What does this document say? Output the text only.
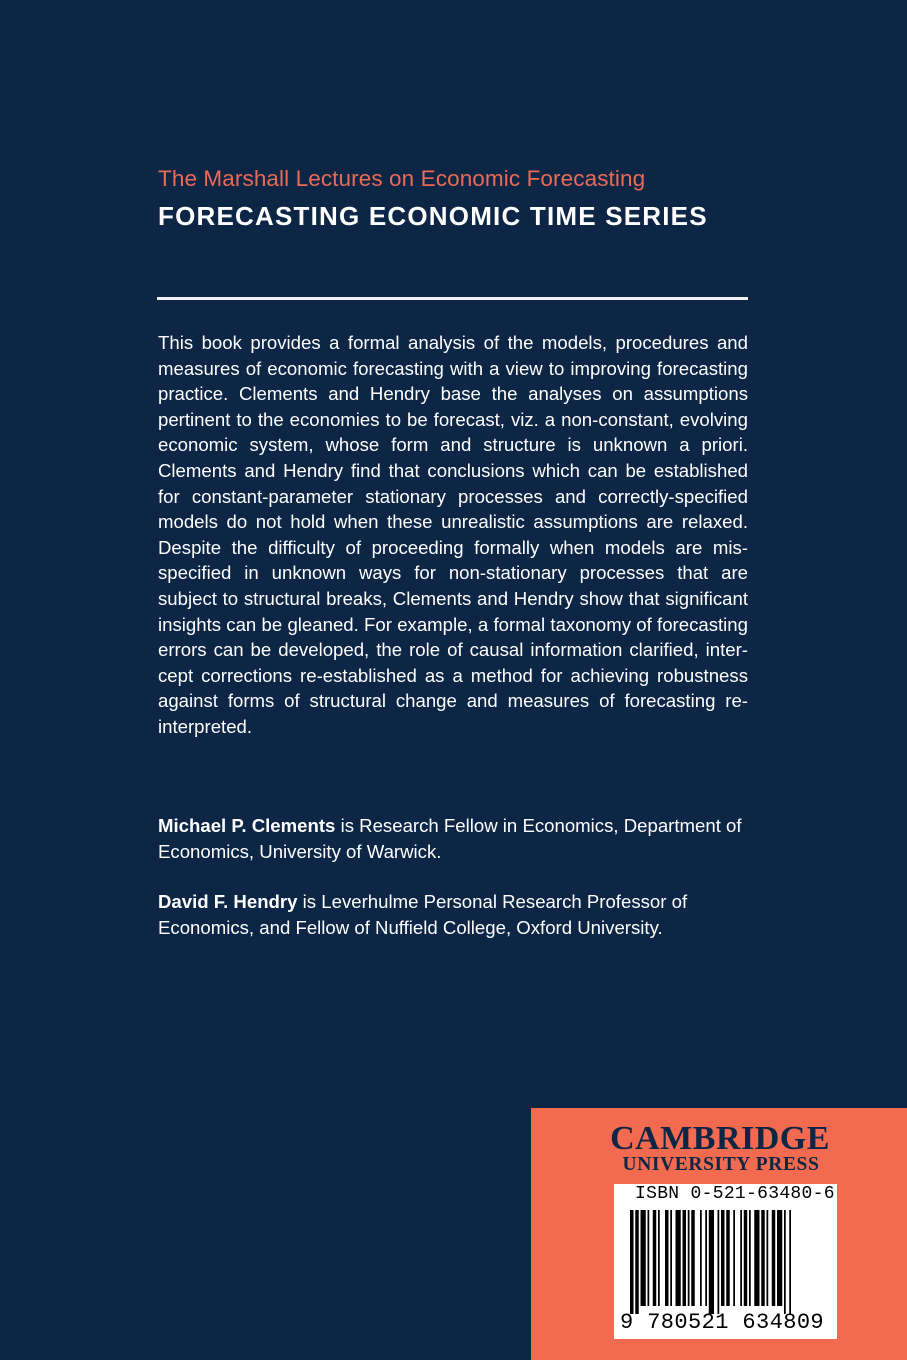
The Marshall Lectures on Economic Forecasting
FORECASTING ECONOMIC TIME SERIES

This book provides a formal analysis of the models, procedures and measures of economic forecasting with a view to improving forecasting practice. Clements and Hendry base the analyses on assumptions pertinent to the economies to be forecast, viz. a non-constant, evolving economic system, whose form and structure is unknown a priori. Clements and Hendry find that conclusions which can be established for constant-parameter stationary processes and correctly-specified models do not hold when these unrealistic assumptions are relaxed. Despite the difficulty of proceeding formally when models are mis-specified in unknown ways for non-stationary processes that are subject to structural breaks, Clements and Hendry show that significant insights can be gleaned. For example, a formal taxonomy of forecasting errors can be developed, the role of causal information clarified, intercept corrections re-established as a method for achieving robustness against forms of structural change and measures of forecasting re-interpreted.

Michael P. Clements is Research Fellow in Economics, Department of Economics, University of Warwick.

David F. Hendry is Leverhulme Personal Research Professor of Economics, and Fellow of Nuffield College, Oxford University.

CAMBRIDGE
UNIVERSITY PRESS
ISBN 0-521-63480-6
9 780521 634809
